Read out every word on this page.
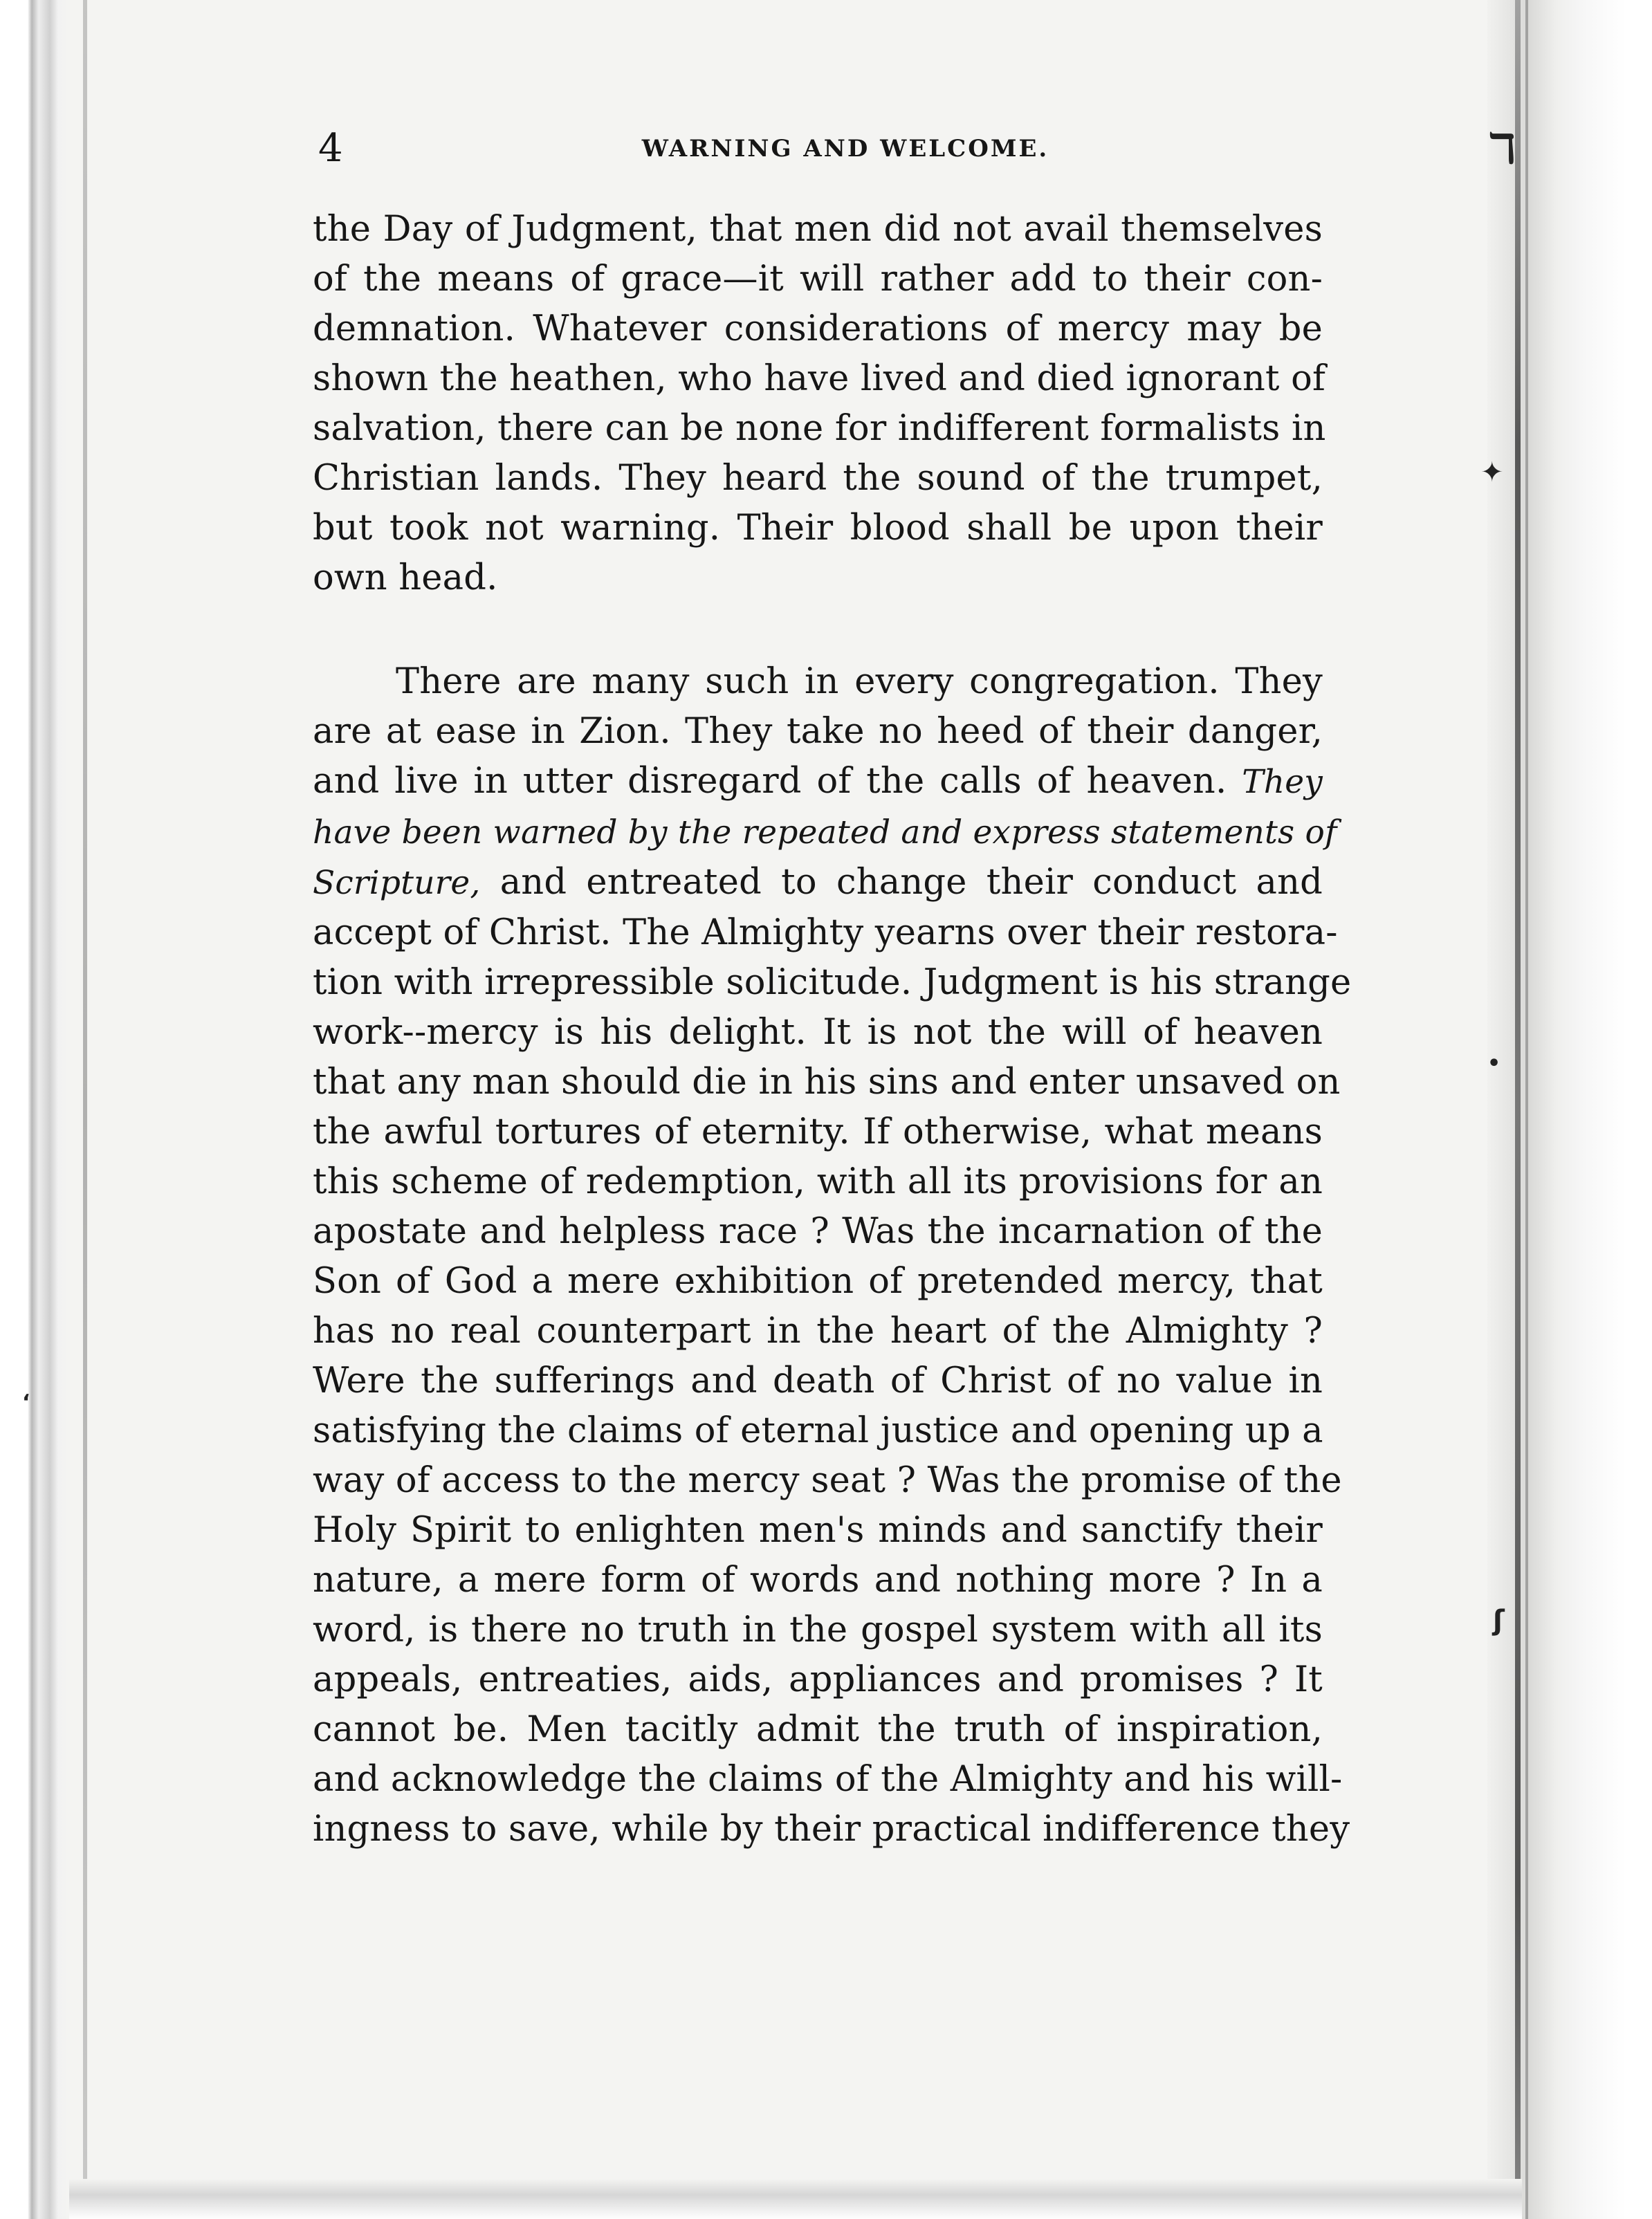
ℸ
✦
•
ʃ
ʻ
4	WARNING AND WELCOME.
the Day of Judgment, that men did not avail themselves
of the means of grace—it will rather add to their con-
demnation. Whatever considerations of mercy may be
shown the heathen, who have lived and died ignorant of
salvation, there can be none for indifferent formalists in
Christian lands. They heard the sound of the trumpet,
but took not warning. Their blood shall be upon their
own head.
There are many such in every congregation. They
are at ease in Zion. They take no heed of their danger,
and live in utter disregard of the calls of heaven. They
have been warned by the repeated and express statements of
Scripture, and entreated to change their conduct and
accept of Christ. The Almighty yearns over their restora-
tion with irrepressible solicitude. Judgment is his strange
work--mercy is his delight. It is not the will of heaven
that any man should die in his sins and enter unsaved on
the awful tortures of eternity. If otherwise, what means
this scheme of redemption, with all its provisions for an
apostate and helpless race ? Was the incarnation of the
Son of God a mere exhibition of pretended mercy, that
has no real counterpart in the heart of the Almighty ?
Were the sufferings and death of Christ of no value in
satisfying the claims of eternal justice and opening up a
way of access to the mercy seat ? Was the promise of the
Holy Spirit to enlighten men's minds and sanctify their
nature, a mere form of words and nothing more ? In a
word, is there no truth in the gospel system with all its
appeals, entreaties, aids, appliances and promises ? It
cannot be. Men tacitly admit the truth of inspiration,
and acknowledge the claims of the Almighty and his will-
ingness to save, while by their practical indifference they
